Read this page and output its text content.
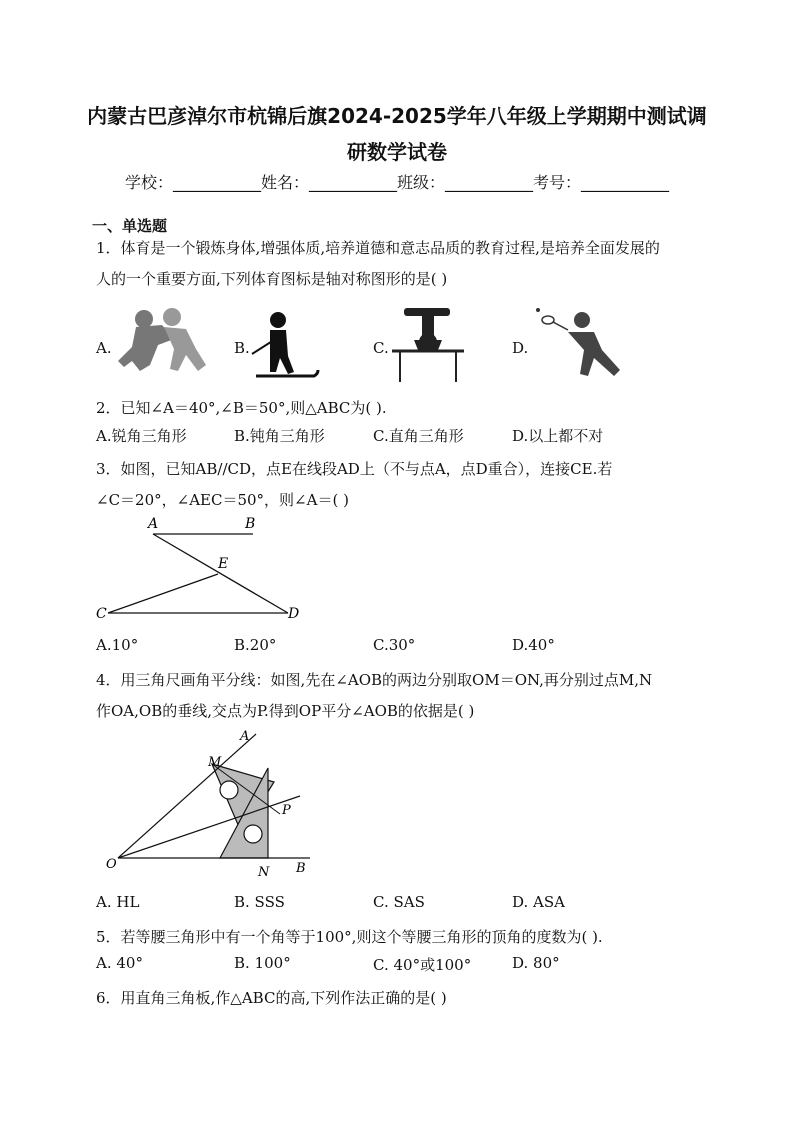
内蒙古巴彦淖尔市杭锦后旗2024-2025学年八年级上学期期中测试调
研数学试卷
学校：___________姓名：___________班级：___________考号：___________
一、单选题
1．体育是一个锻炼身体,增强体质,培养道德和意志品质的教育过程,是培养全面发展的
人的一个重要方面,下列体育图标是轴对称图形的是( )
A.	B.	C.	D.
2．已知∠A＝40°,∠B＝50°,则△ABC为( ).
A.锐角三角形	B.钝角三角形	C.直角三角形	D.以上都不对
3．如图，已知AB//CD，点E在线段AD上（不与点A，点D重合），连接CE.若
∠C＝20°，∠AEC＝50°，则∠A＝( )
A	B
E
C	D
A.10°	B.20°	C.30°	D.40°
4．用三角尺画角平分线：如图,先在∠AOB的两边分别取OM＝ON,再分别过点M,N
作OA,OB的垂线,交点为P.得到OP平分∠AOB的依据是( )
A
M
P
O
N B
A. HL	B. SSS	C. SAS	D. ASA
5．若等腰三角形中有一个角等于100°,则这个等腰三角形的顶角的度数为( ).
A. 40°	B. 100°	C. 40°或100°	D. 80°
6．用直角三角板,作△ABC的高,下列作法正确的是( )
